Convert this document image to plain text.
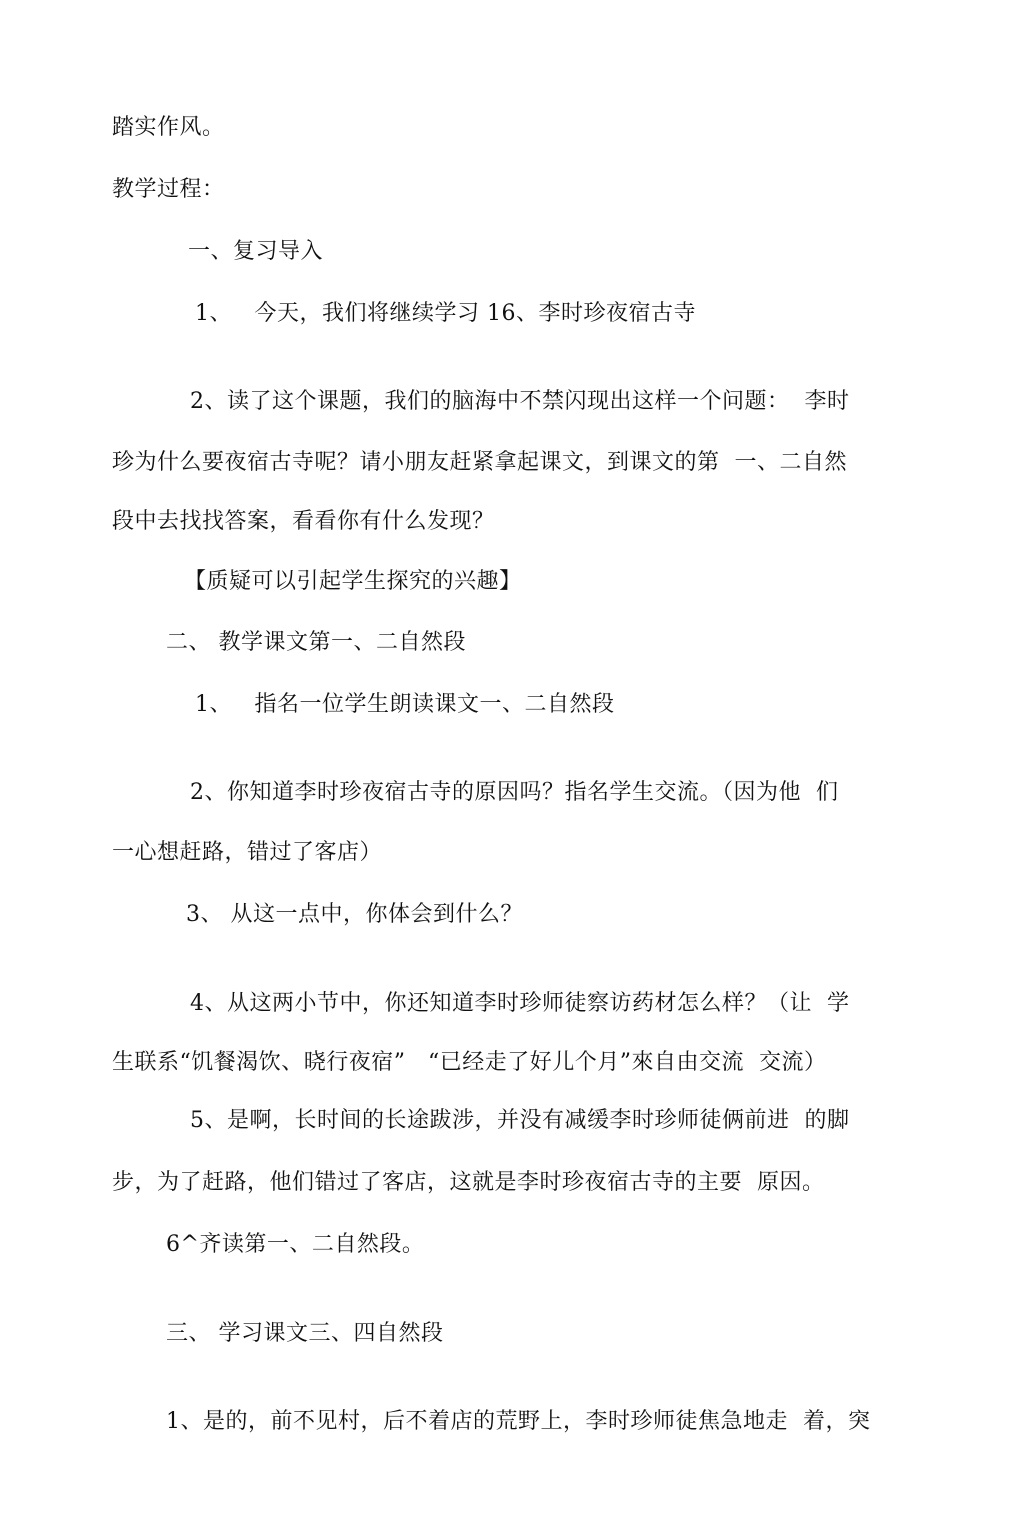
踏实作风。
教学过程：
一、复习导入
1、   今天，我们将继续学习 16、李时珍夜宿古寺
2、读了这个课题，我们的脑海中不禁闪现出这样一个问题：  李时
珍为什么要夜宿古寺呢？请小朋友赶紧拿起课文，到课文的第  一、二自然
段中去找找答案，看看你有什么发现？
【质疑可以引起学生探究的兴趣】
二、 教学课文第一、二自然段
1、   指名一位学生朗读课文一、二自然段
2、你知道李时珍夜宿古寺的原因吗？指名学生交流。（因为他  们
一心想赶路，错过了客店）
3、 从这一点中，你体会到什么？
4、从这两小节中，你还知道李时珍师徒察访药材怎么样？（让  学
生联系“饥餐渴饮、晓行夜宿”   “已经走了好儿个月”來自由交流  交流）
5、是啊，长时间的长途跋涉，并没有减缓李时珍师徒俩前进  的脚
步，为了赶路，他们错过了客店，这就是李时珍夜宿古寺的主要  原因。
6^齐读第一、二自然段。
三、 学习课文三、四自然段
1、是的，前不见村，后不着店的荒野上，李时珍师徒焦急地走  着，突
